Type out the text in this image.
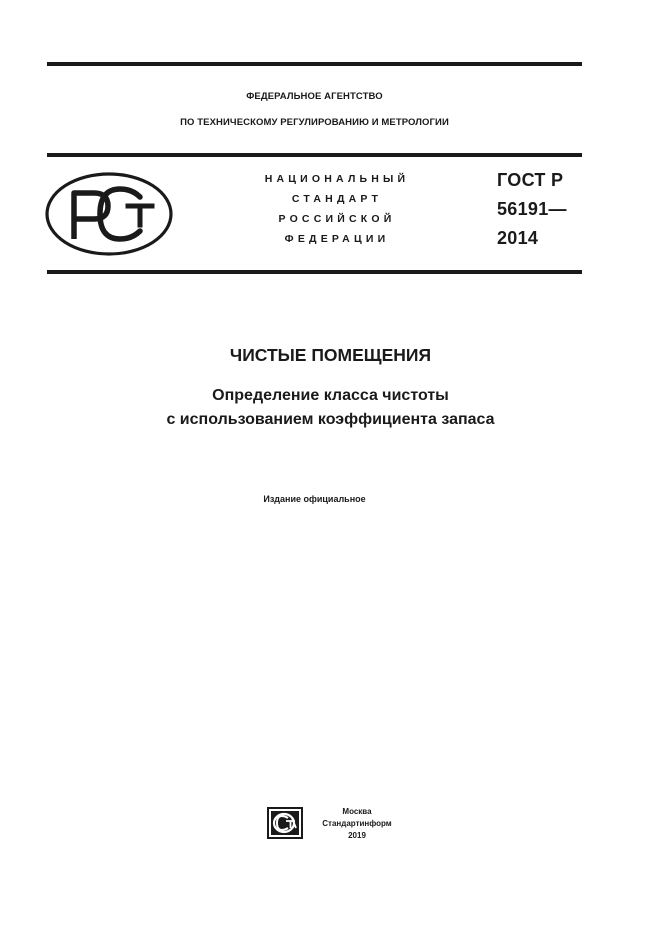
ФЕДЕРАЛЬНОЕ АГЕНТСТВО
ПО ТЕХНИЧЕСКОМУ РЕГУЛИРОВАНИЮ И МЕТРОЛОГИИ
НАЦИОНАЛЬНЫЙ
СТАНДАРТ
РОССИЙСКОЙ
ФЕДЕРАЦИИ
ГОСТ Р
56191—
2014
ЧИСТЫЕ ПОМЕЩЕНИЯ
Определение класса чистоты
с использованием коэффициента запаса
Издание официальное
Москва
Стандартинформ
2019
